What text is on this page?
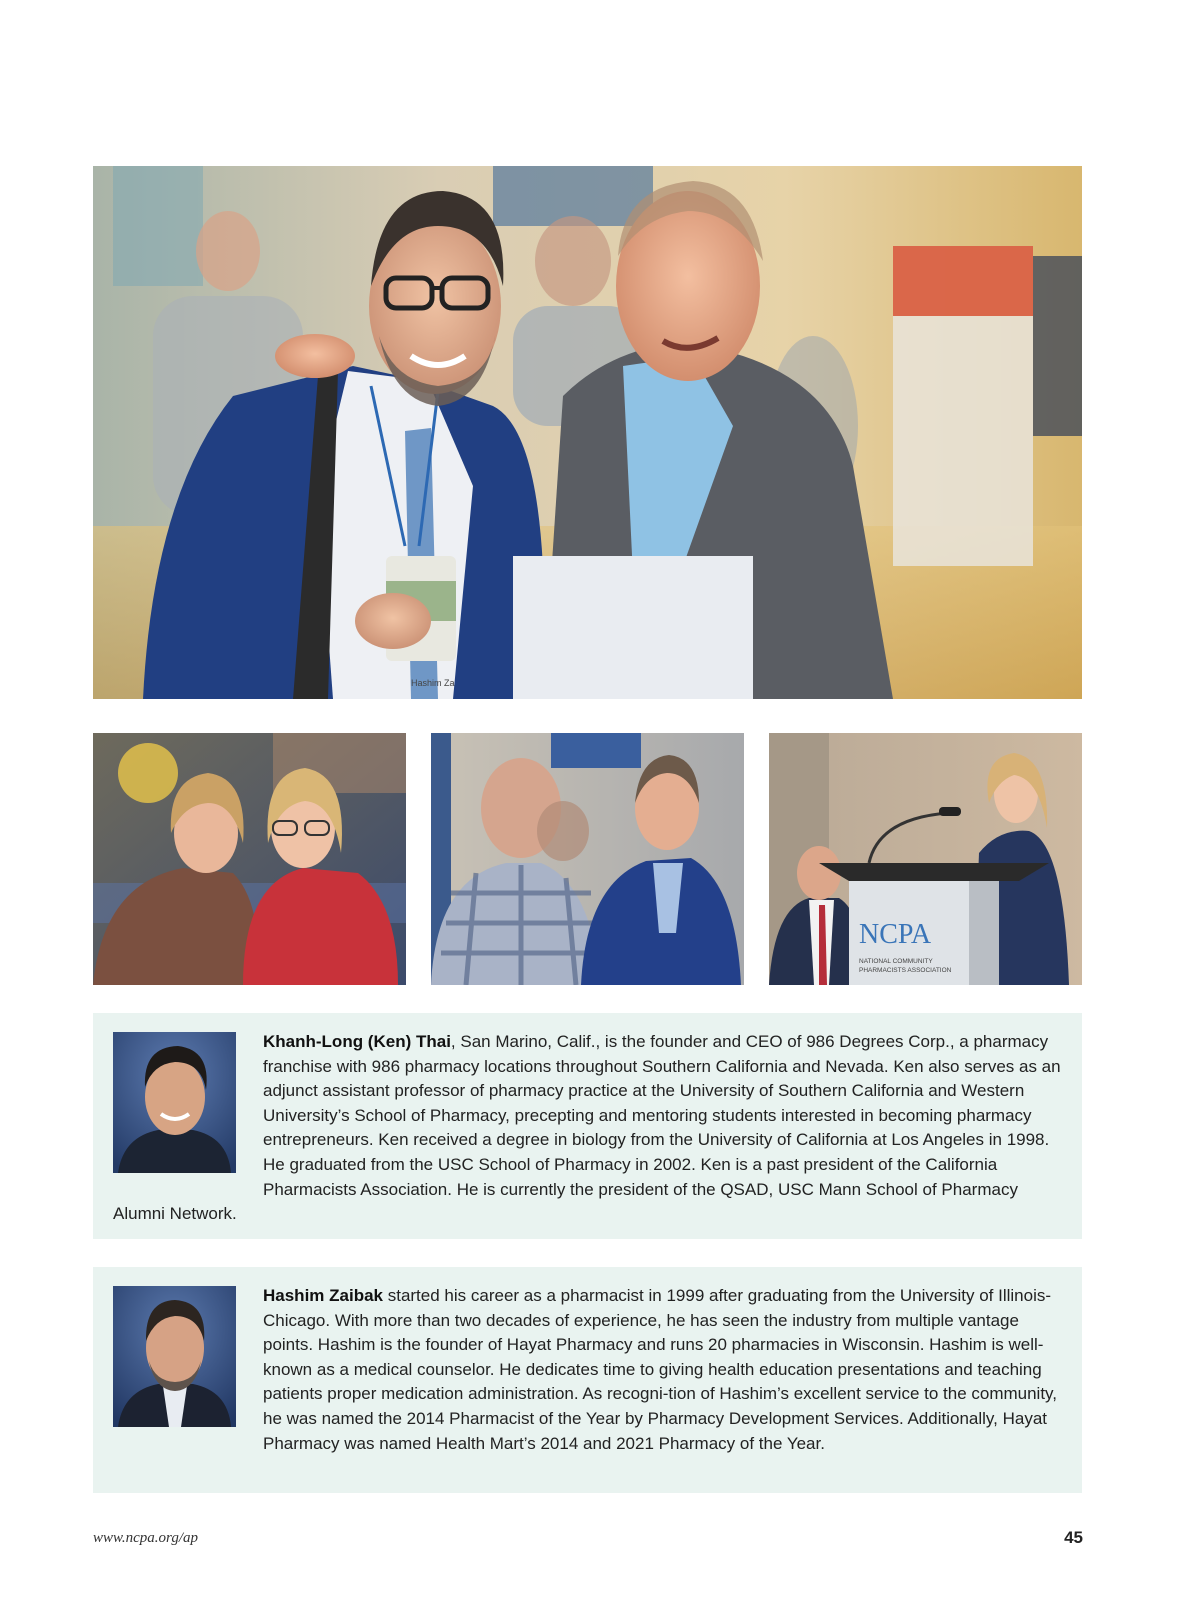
Hashim Za
NCPA
NATIONAL COMMUNITY
PHARMACISTS ASSOCIATION

Khanh-Long (Ken) Thai, San Marino, Calif., is the founder and CEO of 986 Degrees Corp., a pharmacy franchise with 986 pharmacy locations throughout Southern California and Nevada. Ken also serves as an adjunct assistant professor of pharmacy practice at the University of Southern California and Western University’s School of Pharmacy, precepting and mentoring students interested in becoming pharmacy entrepreneurs. Ken received a degree in biology from the University of California at Los Angeles in 1998. He graduated from the USC School of Pharmacy in 2002. Ken is a past president of the California Pharmacists Association. He is currently the president of the QSAD, USC Mann School of Pharmacy Alumni Network.

Hashim Zaibak started his career as a pharmacist in 1999 after graduating from the University of Illinois-Chicago. With more than two decades of experience, he has seen the industry from multiple vantage points. Hashim is the founder of Hayat Pharmacy and runs 20 pharmacies in Wisconsin. Hashim is well-known as a medical counselor. He dedicates time to giving health education presentations and teaching patients proper medication administration. As recogni-tion of Hashim’s excellent service to the community, he was named the 2014 Pharmacist of the Year by Pharmacy Development Services. Additionally, Hayat Pharmacy was named Health Mart’s 2014 and 2021 Pharmacy of the Year.

www.ncpa.org/ap	45
